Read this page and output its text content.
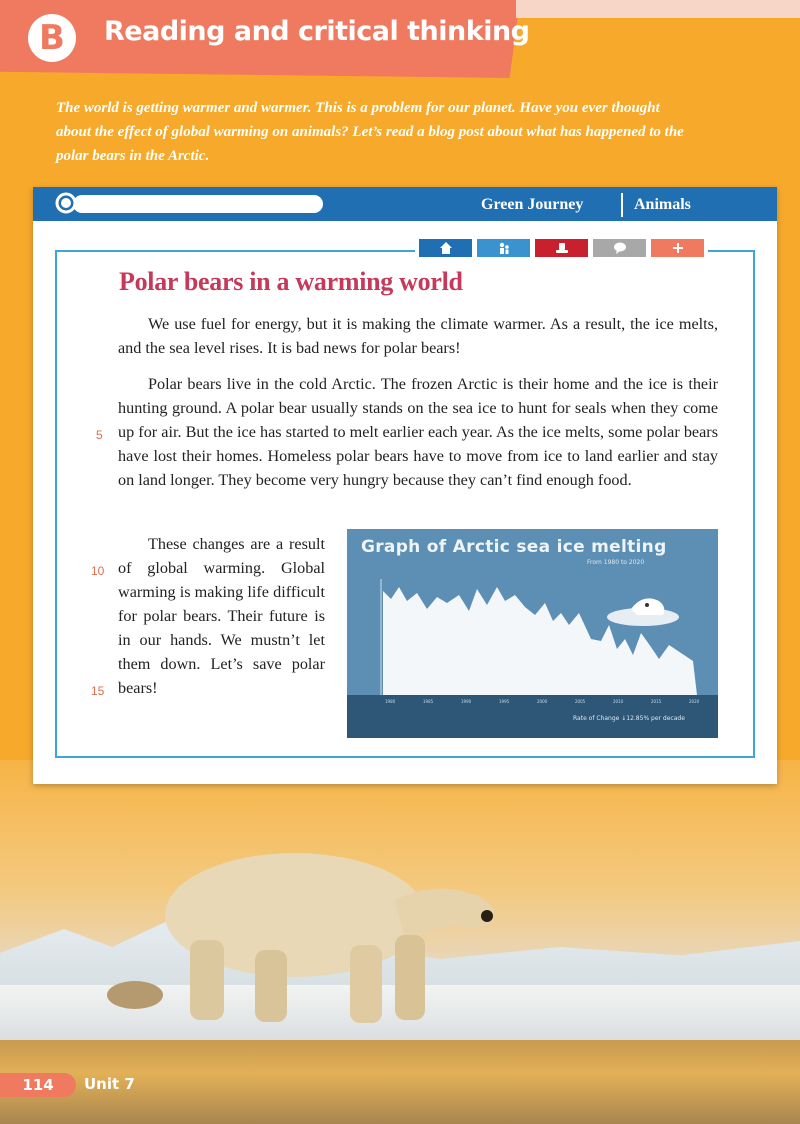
B	Reading and critical thinking
The world is getting warmer and warmer. This is a problem for our planet. Have you ever thought about the effect of global warming on animals? Let’s read a blog post about what has happened to the polar bears in the Arctic.
Green Journey	Animals
Polar bears in a warming world

We use fuel for energy, but it is making the climate warmer. As a result, the ice melts, and the sea level rises. It is bad news for polar bears!

Polar bears live in the cold Arctic. The frozen Arctic is their home and the ice is their hunting ground. A polar bear usually stands on the sea ice to hunt for seals when they come up for air. But the ice has started to melt earlier each year. As the ice melts, some polar bears have lost their homes. Homeless polar bears have to move from ice to land earlier and stay on land longer. They become very hungry because they can’t find enough food.

These changes are a result of global warming. Global warming is making life difficult for polar bears. Their future is in our hands. We mustn’t let them down. Let’s save polar bears!

5
10
15
Graph of Arctic sea ice melting
From 1980 to 2020
1980	1985	1990	1995	2000	2005	2010	2015	2020
Rate of Change ↓12.85% per decade
114	Unit 7
